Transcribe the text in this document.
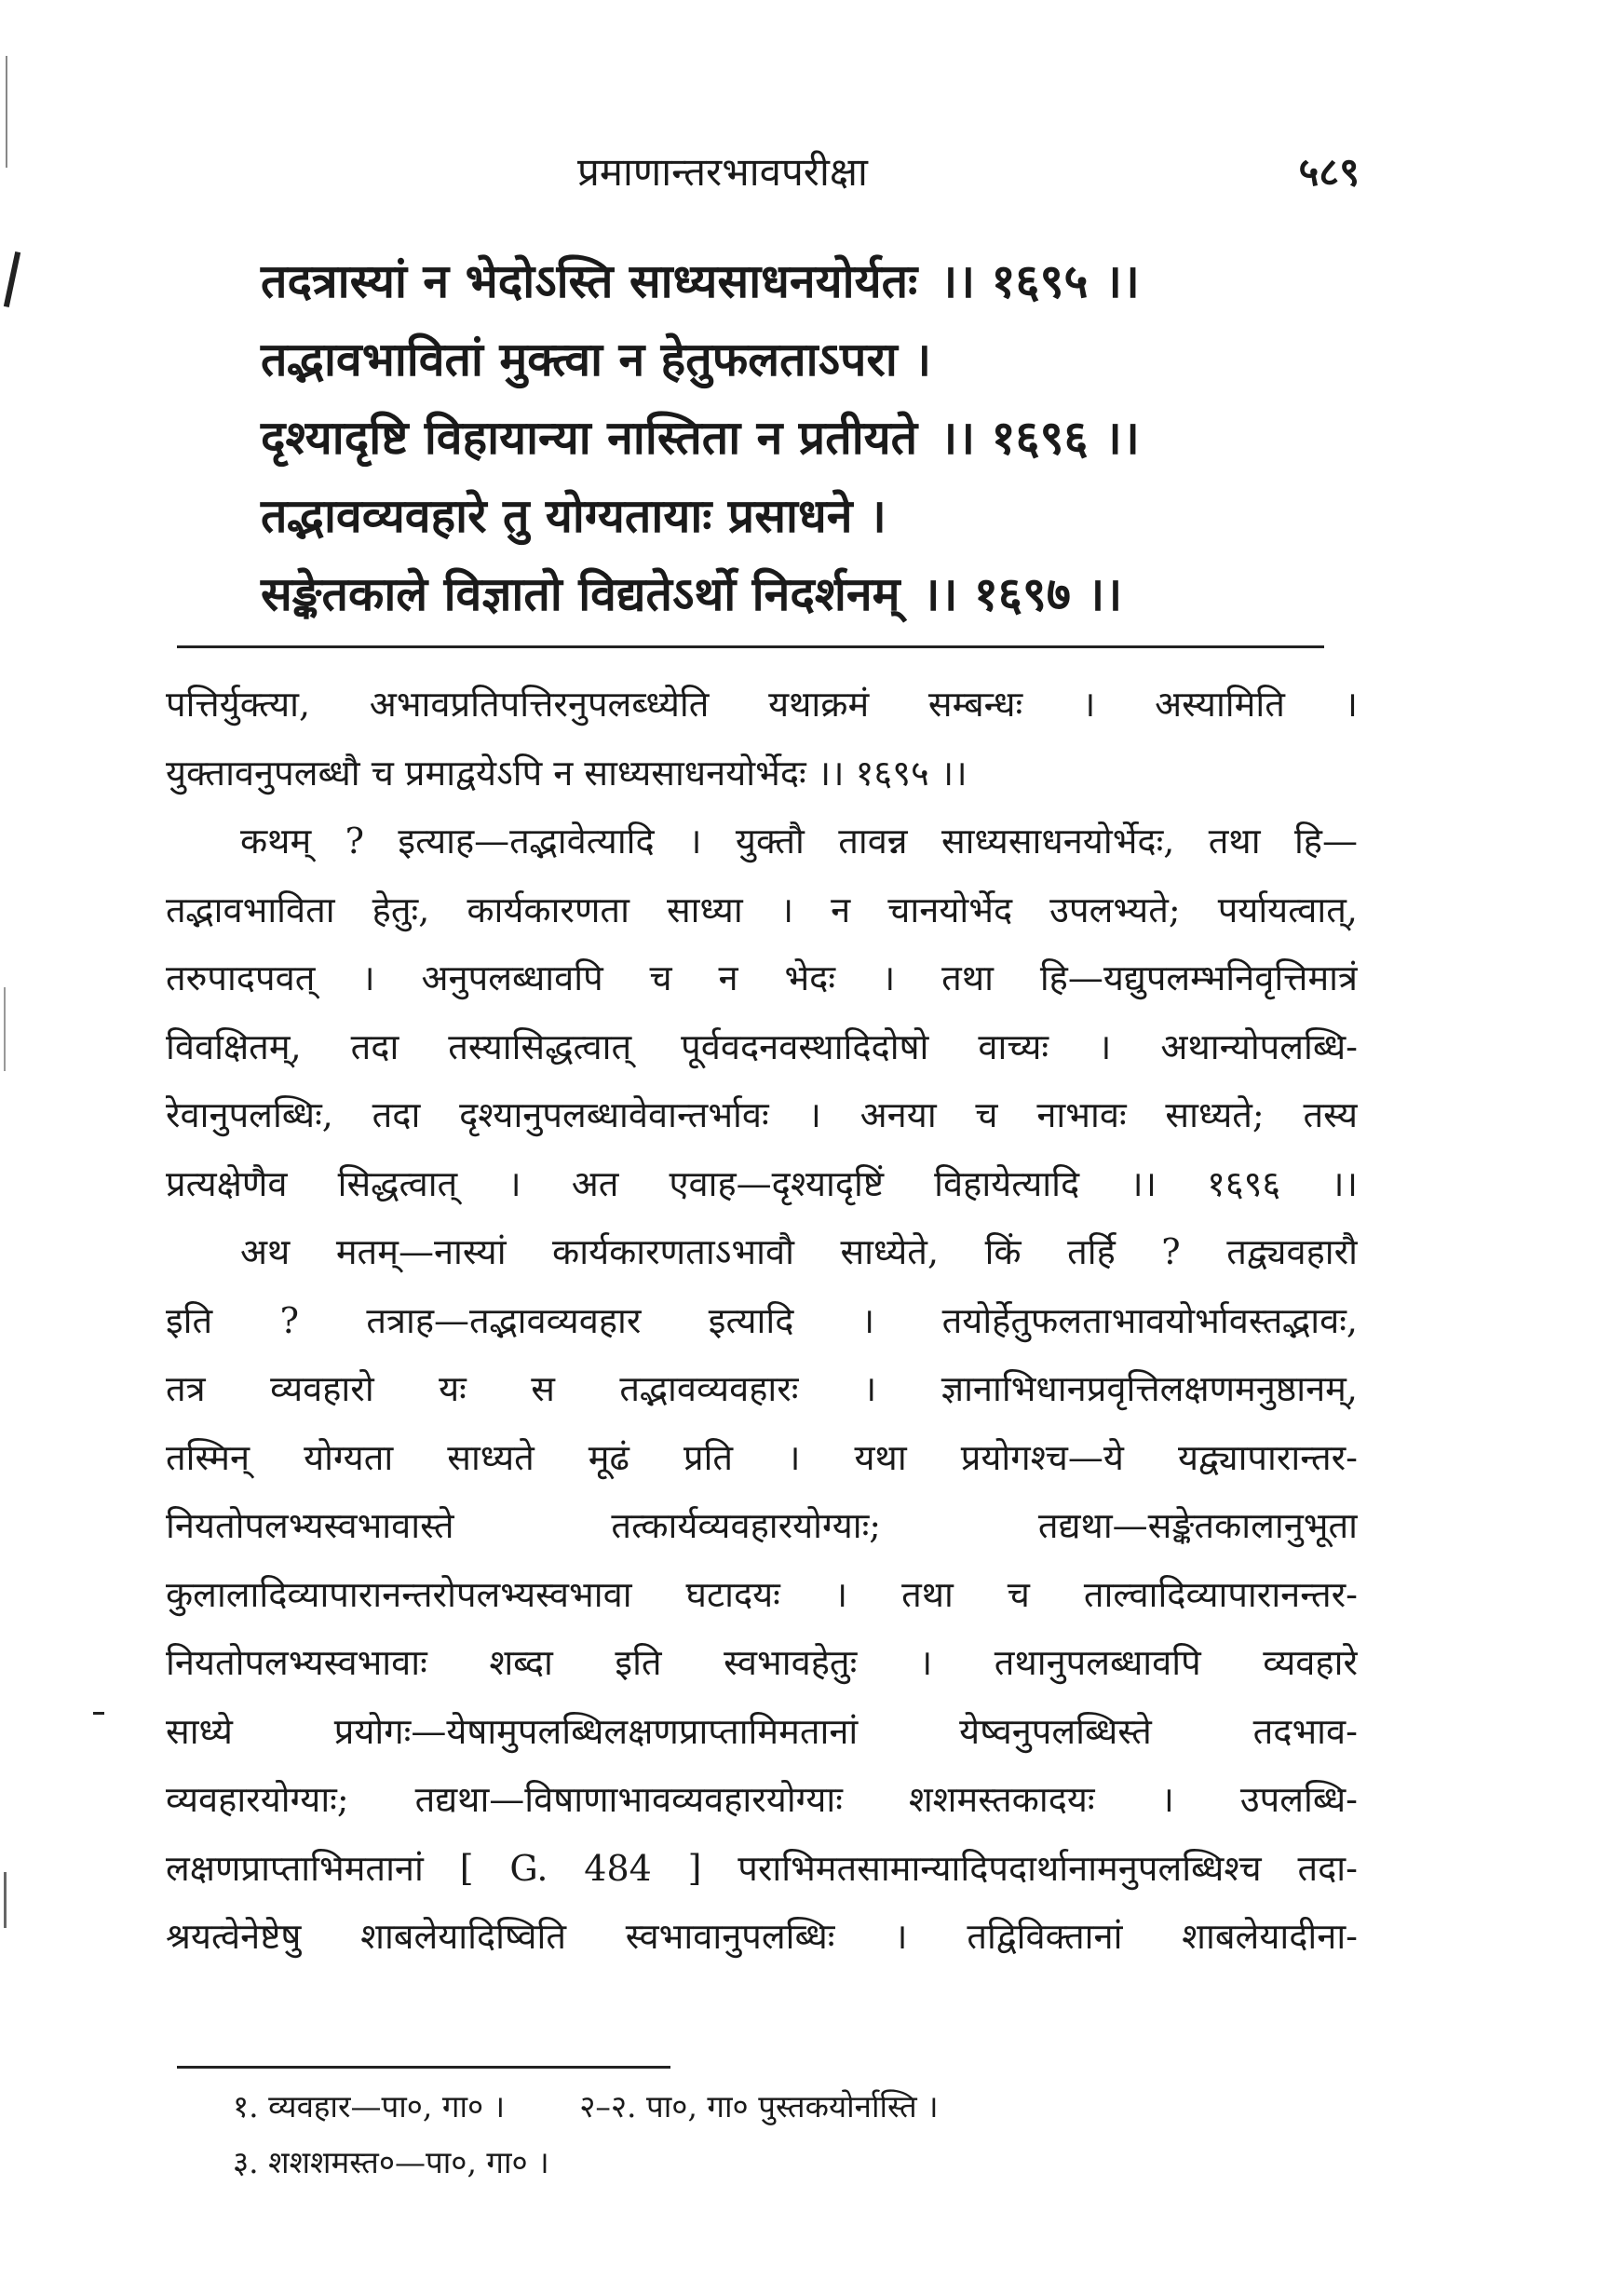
प्रमाणान्तरभावपरीक्षा	५८९
तदत्रास्यां न भेदोऽस्ति साध्यसाधनयोर्यतः ।। १६९५ ।।
तद्भावभावितां मुक्त्वा न हेतुफलताऽपरा ।
दृश्यादृष्टि विहायान्या नास्तिता न प्रतीयते ।। १६९६ ।।
तद्भावव्यवहारे तु योग्यतायाः प्रसाधने ।
सङ्केतकाले विज्ञातो विद्यतेऽर्थो निदर्शनम् ।। १६९७ ।।
पत्तिर्युक्त्या, अभावप्रतिपत्तिरनुपलब्ध्येति यथाक्रमं सम्बन्धः । अस्यामिति ।
युक्तावनुपलब्धौ च प्रमाद्वयेऽपि न साध्यसाधनयोर्भेदः ।। १६९५ ।।
कथम् ? इत्याह—तद्भावेत्यादि । युक्तौ तावन्न साध्यसाधनयोर्भेदः, तथा हि—
तद्भावभाविता हेतुः, कार्यकारणता साध्या । न चानयोर्भेद उपलभ्यते; पर्यायत्वात्,
तरुपादपवत् । अनुपलब्धावपि च न भेदः । तथा हि—यद्युपलम्भनिवृत्तिमात्रं
विवक्षितम्, तदा तस्यासिद्धत्वात् पूर्ववदनवस्थादिदोषो वाच्यः । अथान्योपलब्धि-
रेवानुपलब्धिः, तदा दृश्यानुपलब्धावेवान्तर्भावः । अनया च नाभावः साध्यते; तस्य
प्रत्यक्षेणैव सिद्धत्वात् । अत एवाह—दृश्यादृष्टिं विहायेत्यादि ।। १६९६ ।।
अथ मतम्—नास्यां कार्यकारणताऽभावौ साध्येते, किं तर्हि ? तद्व्यवहारौ
इति ? तत्राह—तद्भावव्यवहार इत्यादि । तयोर्हेतुफलताभावयोर्भावस्तद्भावः,
तत्र व्यवहारो यः स तद्भावव्यवहारः । ज्ञानाभिधानप्रवृत्तिलक्षणमनुष्ठानम्,
तस्मिन् योग्यता साध्यते मूढं प्रति । यथा प्रयोगश्च—ये यद्व्यापारान्तर-
नियतोपलभ्यस्वभावास्ते तत्कार्यव्यवहारयोग्याः; तद्यथा—सङ्केतकालानुभूता
कुलालादिव्यापारानन्तरोपलभ्यस्वभावा घटादयः । तथा च ताल्वादिव्यापारानन्तर-
नियतोपलभ्यस्वभावाः शब्दा इति स्वभावहेतुः । तथानुपलब्धावपि व्यवहारे
साध्ये प्रयोगः—येषामुपलब्धिलक्षणप्राप्तामिमतानां येष्वनुपलब्धिस्ते तदभाव-
व्यवहारयोग्याः; तद्यथा—विषाणाभावव्यवहारयोग्याः शशमस्तकादयः । उपलब्धि-
लक्षणप्राप्ताभिमतानां [ G. 484 ] पराभिमतसामान्यादिपदार्थानामनुपलब्धिश्च तदा-
श्रयत्वेनेष्टेषु शाबलेयादिष्विति स्वभावानुपलब्धिः । तद्विविक्तानां शाबलेयादीना-
१. व्यवहार—पा०, गा० । २–२. पा०, गा० पुस्तकयोर्नास्ति ।
३. शशशमस्त०—पा०, गा० ।
